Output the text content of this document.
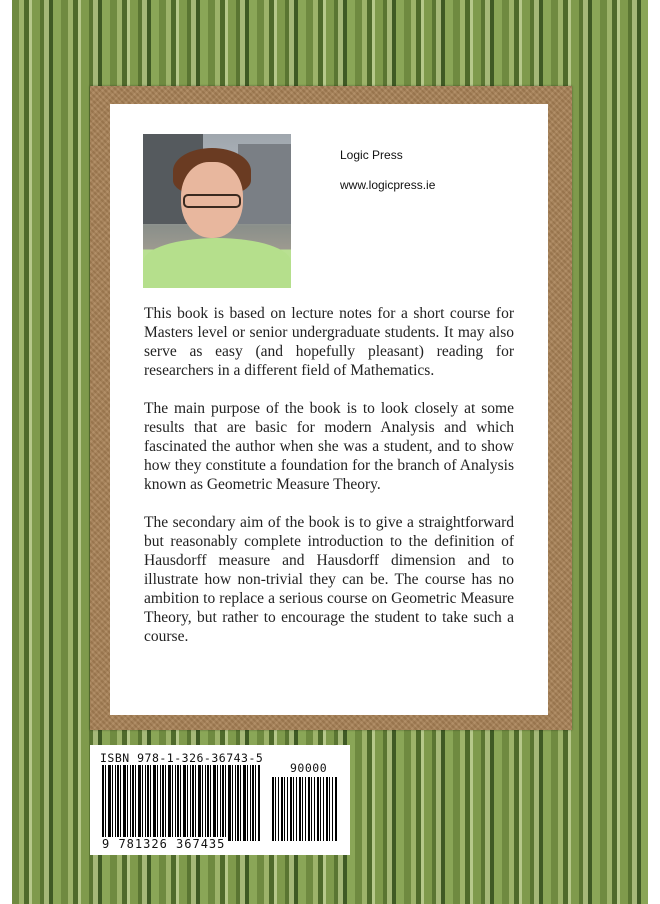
Logic Press
www.logicpress.ie

This book is based on lecture notes for a short course for Masters level or senior undergraduate students. It may also serve as easy (and hopefully pleasant) reading for researchers in a different field of Mathematics.

The main purpose of the book is to look closely at some results that are basic for modern Analysis and which fascinated the author when she was a student, and to show how they constitute a foundation for the branch of Analysis known as Geometric Measure Theory.

The secondary aim of the book is to give a straightforward but reasonably complete introduction to the definition of Hausdorff measure and Hausdorff dimension and to illustrate how non-trivial they can be. The course has no ambition to replace a serious course on Geometric Measure Theory, but rather to encourage the student to take such a course.

ISBN 978-1-326-36743-5
90000
9 781326 367435
